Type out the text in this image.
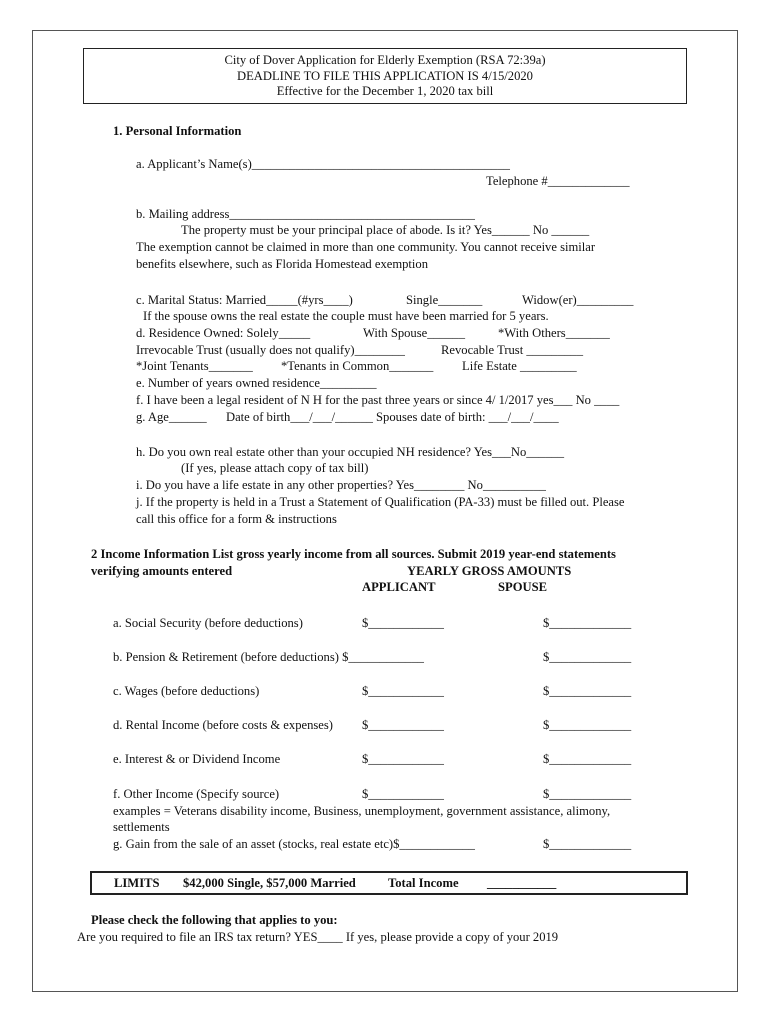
City of Dover Application for Elderly Exemption (RSA 72:39a)
DEADLINE TO FILE THIS APPLICATION IS 4/15/2020
Effective for the December 1, 2020 tax bill
1. Personal Information
a. Applicant’s Name(s)_________________________________________
Telephone #_____________
b. Mailing address_______________________________________
The property must be your principal place of abode. Is it? Yes______ No ______
The exemption cannot be claimed in more than one community. You cannot receive similar
benefits elsewhere, such as Florida Homestead exemption
c. Marital Status: Married_____(#yrs____)	Single_______	Widow(er)_________
If the spouse owns the real estate the couple must have been married for 5 years.
d. Residence Owned: Solely_____	With Spouse______	*With Others_______
Irrevocable Trust (usually does not qualify)________	Revocable Trust _________
*Joint Tenants_______ *Tenants in Common_______ Life Estate _________
e. Number of years owned residence_________
f. I have been a legal resident of N H for the past three years or since 4/ 1/2017 yes___ No ____
g. Age______ Date of birth___/___/______ Spouses date of birth: ___/___/____
h. Do you own real estate other than your occupied NH residence? Yes___No______
(If yes, please attach copy of tax bill)
i. Do you have a life estate in any other properties? Yes________ No__________
j. If the property is held in a Trust a Statement of Qualification (PA-33) must be filled out. Please
call this office for a form & instructions
2 Income Information List gross yearly income from all sources. Submit 2019 year-end statements
verifying amounts entered	YEARLY GROSS AMOUNTS
APPLICANT	SPOUSE
a. Social Security (before deductions)	$____________	$_____________
b. Pension & Retirement (before deductions) $____________	$_____________
c. Wages (before deductions)	$____________	$_____________
d. Rental Income (before costs & expenses) $____________	$_____________
e. Interest & or Dividend Income	$____________	$_____________
f. Other Income (Specify source)	$____________	$_____________
examples = Veterans disability income, Business, unemployment, government assistance, alimony,
settlements
g. Gain from the sale of an asset (stocks, real estate etc)$____________	$_____________
LIMITS $42,000 Single, $57,000 Married	Total Income ___________
Please check the following that applies to you:
Are you required to file an IRS tax return? YES____ If yes, please provide a copy of your 2019
